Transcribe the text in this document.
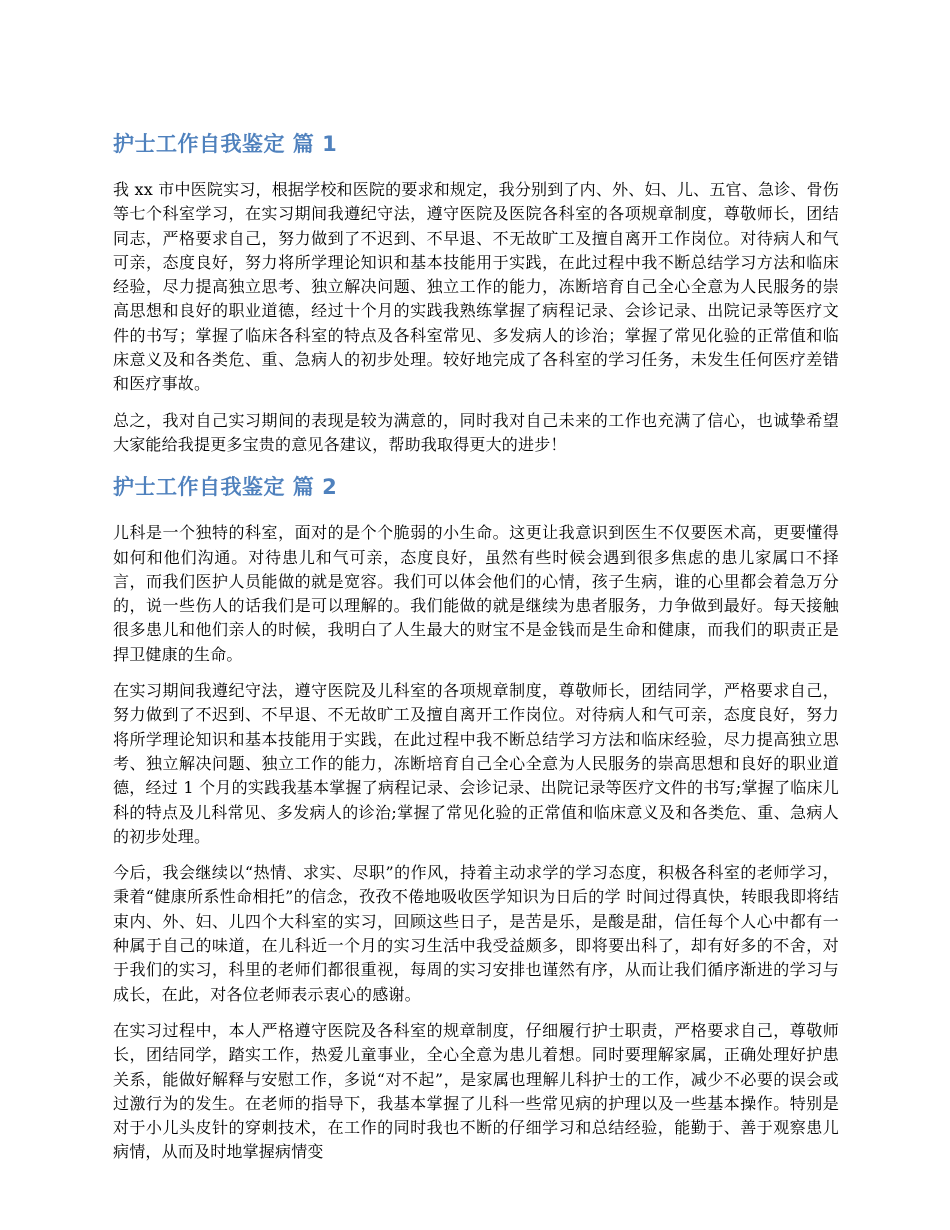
护士工作自我鉴定 篇 1

我 xx 市中医院实习，根据学校和医院的要求和规定，我分别到了内、外、妇、儿、五官、急诊、骨伤等七个科室学习，在实习期间我遵纪守法，遵守医院及医院各科室的各项规章制度，尊敬师长，团结同志，严格要求自己，努力做到了不迟到、不早退、不无故旷工及擅自离开工作岗位。对待病人和气可亲，态度良好，努力将所学理论知识和基本技能用于实践，在此过程中我不断总结学习方法和临床经验，尽力提高独立思考、独立解决问题、独立工作的能力，冻断培育自己全心全意为人民服务的崇高思想和良好的职业道德，经过十个月的实践我熟练掌握了病程记录、会诊记录、出院记录等医疗文件的书写；掌握了临床各科室的特点及各科室常见、多发病人的诊治；掌握了常见化验的正常值和临床意义及和各类危、重、急病人的初步处理。较好地完成了各科室的学习任务，未发生任何医疗差错和医疗事故。

总之，我对自己实习期间的表现是较为满意的，同时我对自己未来的工作也充满了信心，也诚挚希望大家能给我提更多宝贵的意见各建议，帮助我取得更大的进步！

护士工作自我鉴定 篇 2

儿科是一个独特的科室，面对的是个个脆弱的小生命。这更让我意识到医生不仅要医术高，更要懂得如何和他们沟通。对待患儿和气可亲，态度良好，虽然有些时候会遇到很多焦虑的患儿家属口不择言，而我们医护人员能做的就是宽容。我们可以体会他们的心情，孩子生病，谁的心里都会着急万分的，说一些伤人的话我们是可以理解的。我们能做的就是继续为患者服务，力争做到最好。每天接触很多患儿和他们亲人的时候，我明白了人生最大的财宝不是金钱而是生命和健康，而我们的职责正是捍卫健康的生命。

在实习期间我遵纪守法，遵守医院及儿科室的各项规章制度，尊敬师长，团结同学，严格要求自己，努力做到了不迟到、不早退、不无故旷工及擅自离开工作岗位。对待病人和气可亲，态度良好，努力将所学理论知识和基本技能用于实践，在此过程中我不断总结学习方法和临床经验，尽力提高独立思考、独立解决问题、独立工作的能力，冻断培育自己全心全意为人民服务的崇高思想和良好的职业道德，经过 1 个月的实践我基本掌握了病程记录、会诊记录、出院记录等医疗文件的书写;掌握了临床儿科的特点及儿科常见、多发病人的诊治;掌握了常见化验的正常值和临床意义及和各类危、重、急病人的初步处理。

今后，我会继续以“热情、求实、尽职”的作风，持着主动求学的学习态度，积极各科室的老师学习，秉着“健康所系性命相托”的信念，孜孜不倦地吸收医学知识为日后的学 时间过得真快，转眼我即将结束内、外、妇、儿四个大科室的实习，回顾这些日子，是苦是乐，是酸是甜，信任每个人心中都有一种属于自己的味道，在儿科近一个月的实习生活中我受益颇多，即将要出科了，却有好多的不舍，对于我们的实习，科里的老师们都很重视，每周的实习安排也谨然有序，从而让我们循序渐进的学习与成长，在此，对各位老师表示衷心的感谢。

在实习过程中，本人严格遵守医院及各科室的规章制度，仔细履行护士职责，严格要求自己，尊敬师长，团结同学，踏实工作，热爱儿童事业，全心全意为患儿着想。同时要理解家属，正确处理好护患关系，能做好解释与安慰工作，多说“对不起”，是家属也理解儿科护士的工作，减少不必要的误会或过激行为的发生。在老师的指导下，我基本掌握了儿科一些常见病的护理以及一些基本操作。特别是对于小儿头皮针的穿刺技术，在工作的同时我也不断的仔细学习和总结经验，能勤于、善于观察患儿病情，从而及时地掌握病情变
